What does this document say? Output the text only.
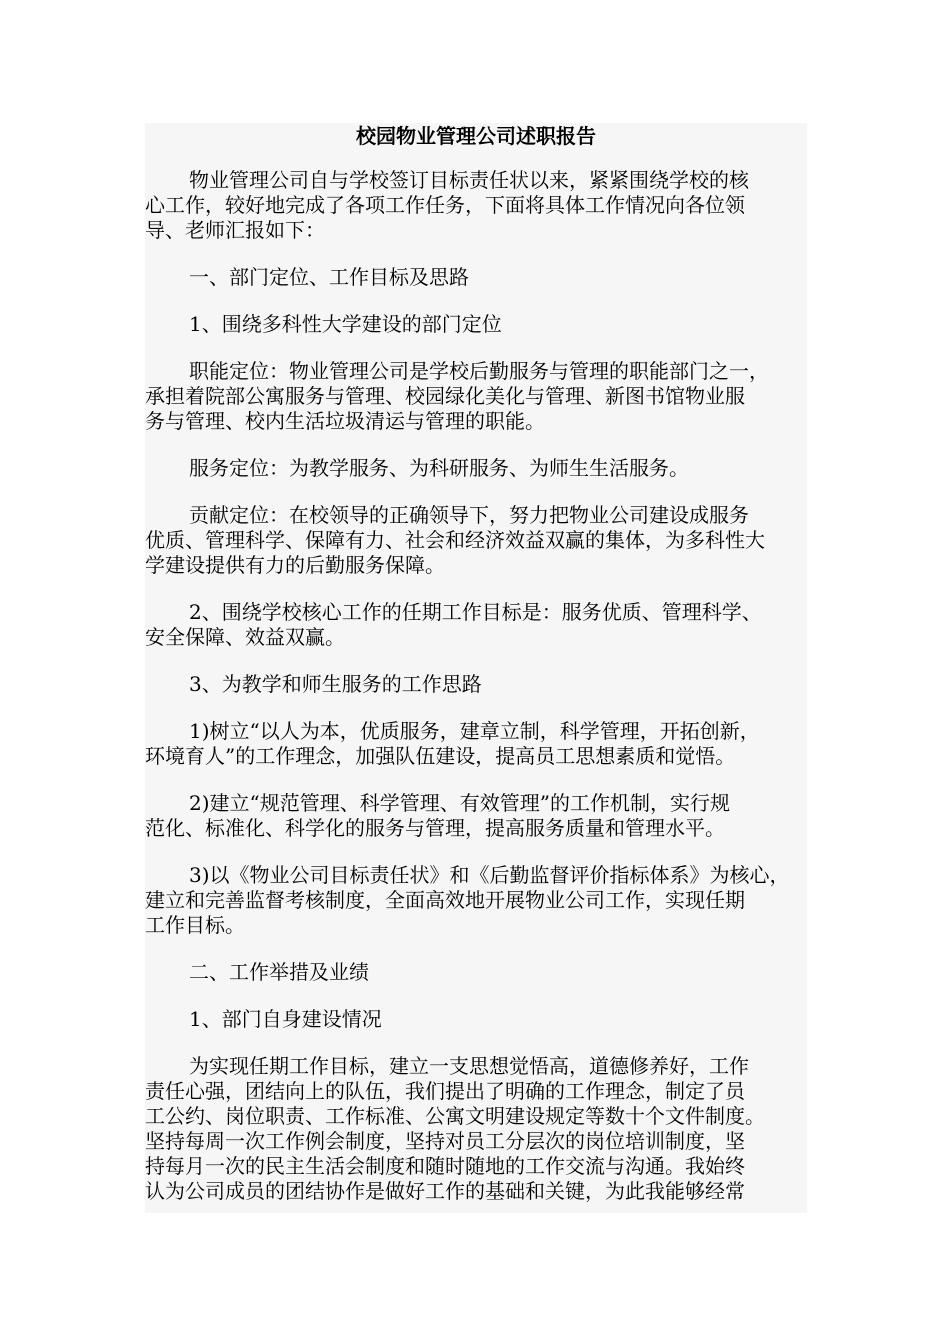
校园物业管理公司述职报告
物业管理公司自与学校签订目标责任状以来，紧紧围绕学校的核
心工作，较好地完成了各项工作任务，下面将具体工作情况向各位领
导、老师汇报如下：
一、部门定位、工作目标及思路
1、围绕多科性大学建设的部门定位
职能定位：物业管理公司是学校后勤服务与管理的职能部门之一，
承担着院部公寓服务与管理、校园绿化美化与管理、新图书馆物业服
务与管理、校内生活垃圾清运与管理的职能。
服务定位：为教学服务、为科研服务、为师生生活服务。
贡献定位：在校领导的正确领导下，努力把物业公司建设成服务
优质、管理科学、保障有力、社会和经济效益双赢的集体，为多科性大
学建设提供有力的后勤服务保障。
2、围绕学校核心工作的任期工作目标是：服务优质、管理科学、
安全保障、效益双赢。
3、为教学和师生服务的工作思路
1)树立“以人为本，优质服务，建章立制，科学管理，开拓创新，
环境育人”的工作理念，加强队伍建设，提高员工思想素质和觉悟。
2)建立“规范管理、科学管理、有效管理”的工作机制，实行规
范化、标准化、科学化的服务与管理，提高服务质量和管理水平。
3)以《物业公司目标责任状》和《后勤监督评价指标体系》为核心，
建立和完善监督考核制度，全面高效地开展物业公司工作，实现任期
工作目标。
二、工作举措及业绩
1、部门自身建设情况
为实现任期工作目标，建立一支思想觉悟高，道德修养好，工作
责任心强，团结向上的队伍，我们提出了明确的工作理念，制定了员
工公约、岗位职责、工作标准、公寓文明建设规定等数十个文件制度。
坚持每周一次工作例会制度，坚持对员工分层次的岗位培训制度，坚
持每月一次的民主生活会制度和随时随地的工作交流与沟通。我始终
认为公司成员的团结协作是做好工作的基础和关键，为此我能够经常
